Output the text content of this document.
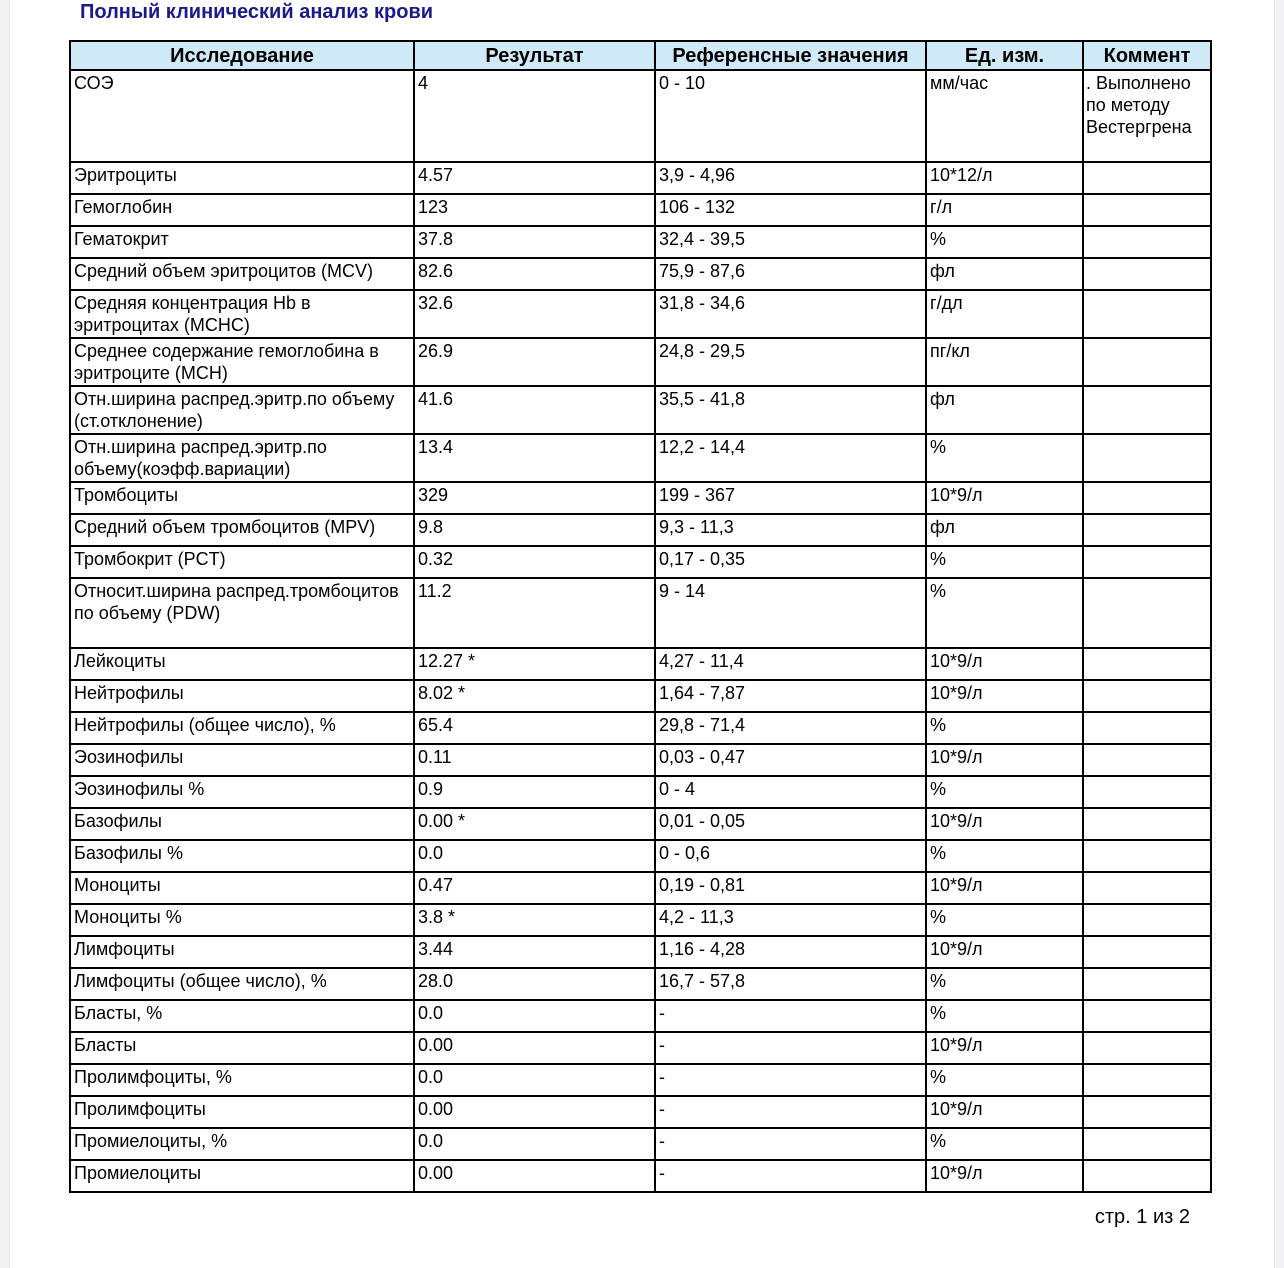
Полный клинический анализ крови
Исследование	Результат	Референсные значения	Ед. изм.	Коммент
СОЭ	4	0 - 10	мм/час	. Выполнено по методу Вестергрена
Эритроциты	4.57	3,9 - 4,96	10*12/л	
Гемоглобин	123	106 - 132	г/л	
Гематокрит	37.8	32,4 - 39,5	%	
Средний объем эритроцитов (MCV)	82.6	75,9 - 87,6	фл	
Средняя концентрация Hb в эритроцитах (MCHC)	32.6	31,8 - 34,6	г/дл	
Среднее содержание гемоглобина в эритроците (MCH)	26.9	24,8 - 29,5	пг/кл	
Отн.ширина распред.эритр.по объему (ст.отклонение)	41.6	35,5 - 41,8	фл	
Отн.ширина распред.эритр.по объему(коэфф.вариации)	13.4	12,2 - 14,4	%	
Тромбоциты	329	199 - 367	10*9/л	
Средний объем тромбоцитов (MPV)	9.8	9,3 - 11,3	фл	
Тромбокрит (PCT)	0.32	0,17 - 0,35	%	
Относит.ширина распред.тромбоцитов по объему (PDW)	11.2	9 - 14	%	
Лейкоциты	12.27 *	4,27 - 11,4	10*9/л	
Нейтрофилы	8.02 *	1,64 - 7,87	10*9/л	
Нейтрофилы (общее число), %	65.4	29,8 - 71,4	%	
Эозинофилы	0.11	0,03 - 0,47	10*9/л	
Эозинофилы %	0.9	0 - 4	%	
Базофилы	0.00 *	0,01 - 0,05	10*9/л	
Базофилы %	0.0	0 - 0,6	%	
Моноциты	0.47	0,19 - 0,81	10*9/л	
Моноциты %	3.8 *	4,2 - 11,3	%	
Лимфоциты	3.44	1,16 - 4,28	10*9/л	
Лимфоциты (общее число), %	28.0	16,7 - 57,8	%	
Бласты, %	0.0	-	%	
Бласты	0.00	-	10*9/л	
Пролимфоциты, %	0.0	-	%	
Пролимфоциты	0.00	-	10*9/л	
Промиелоциты, %	0.0	-	%	
Промиелоциты	0.00	-	10*9/л	
стр. 1 из 2
